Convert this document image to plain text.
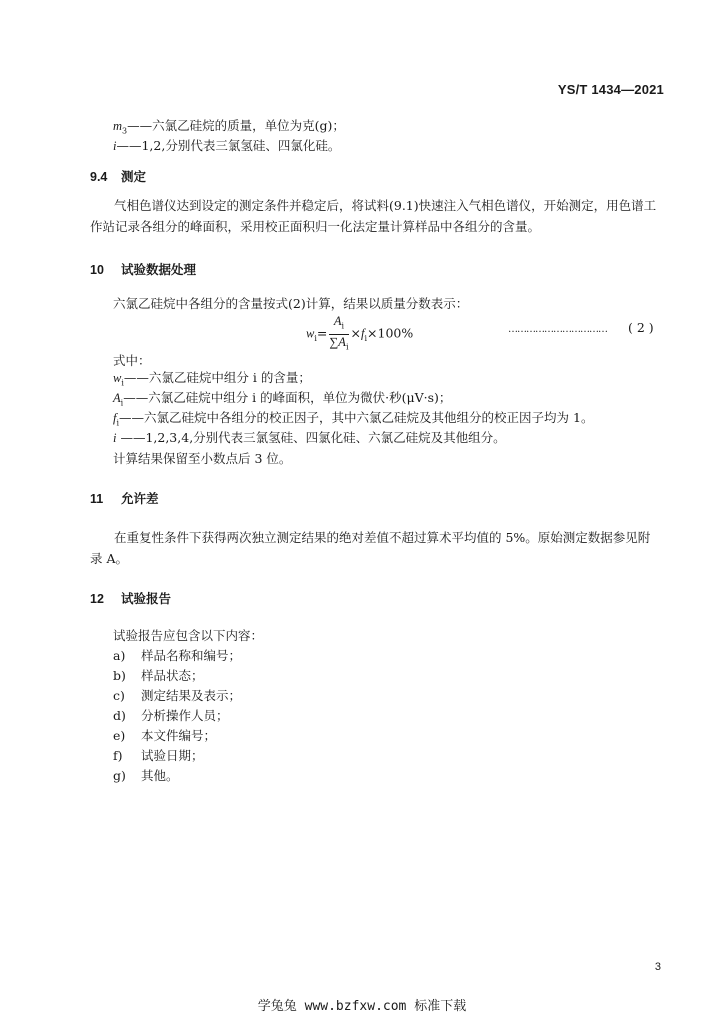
YS/T 1434—2021
$m_3——$六氯乙硅烷的质量，单位为克(g)；
i——1,2,分别代表三氯氢硅、四氯化硅。
9.4 测定
气相色谱仪达到设定的测定条件并稳定后，将试料(9.1)快速注入气相色谱仪，开始测定，用色谱工作站记录各组分的峰面积，采用校正面积归一化法定量计算样品中各组分的含量。
10 试验数据处理
六氯乙硅烷中各组分的含量按式(2)计算，结果以质量分数表示：
$w_i= \frac{A_i}{\sum A_i} \times f_i\times 100\%$	…………………………… ( 2 )
式中：
$w_i——$六氯乙硅烷中组分 i 的含量；
$A_i——$六氯乙硅烷中组分 i 的峰面积，单位为微伏·秒(μV·s)；
$f_i——$六氯乙硅烷中各组分的校正因子，其中六氯乙硅烷及其他组分的校正因子均为 1。
i ——1,2,3,4,分别代表三氯氢硅、四氯化硅、六氯乙硅烷及其他组分。
计算结果保留至小数点后 3 位。
11 允许差
在重复性条件下获得两次独立测定结果的绝对差值不超过算术平均值的 5%。原始测定数据参见附录 A。
12 试验报告
试验报告应包含以下内容：
a) 样品名称和编号；
b) 样品状态；
c) 测定结果及表示；
d) 分析操作人员；
e) 本文件编号；
f) 试验日期；
g) 其他。
3
学兔兔 www.bzfxw.com 标准下载
